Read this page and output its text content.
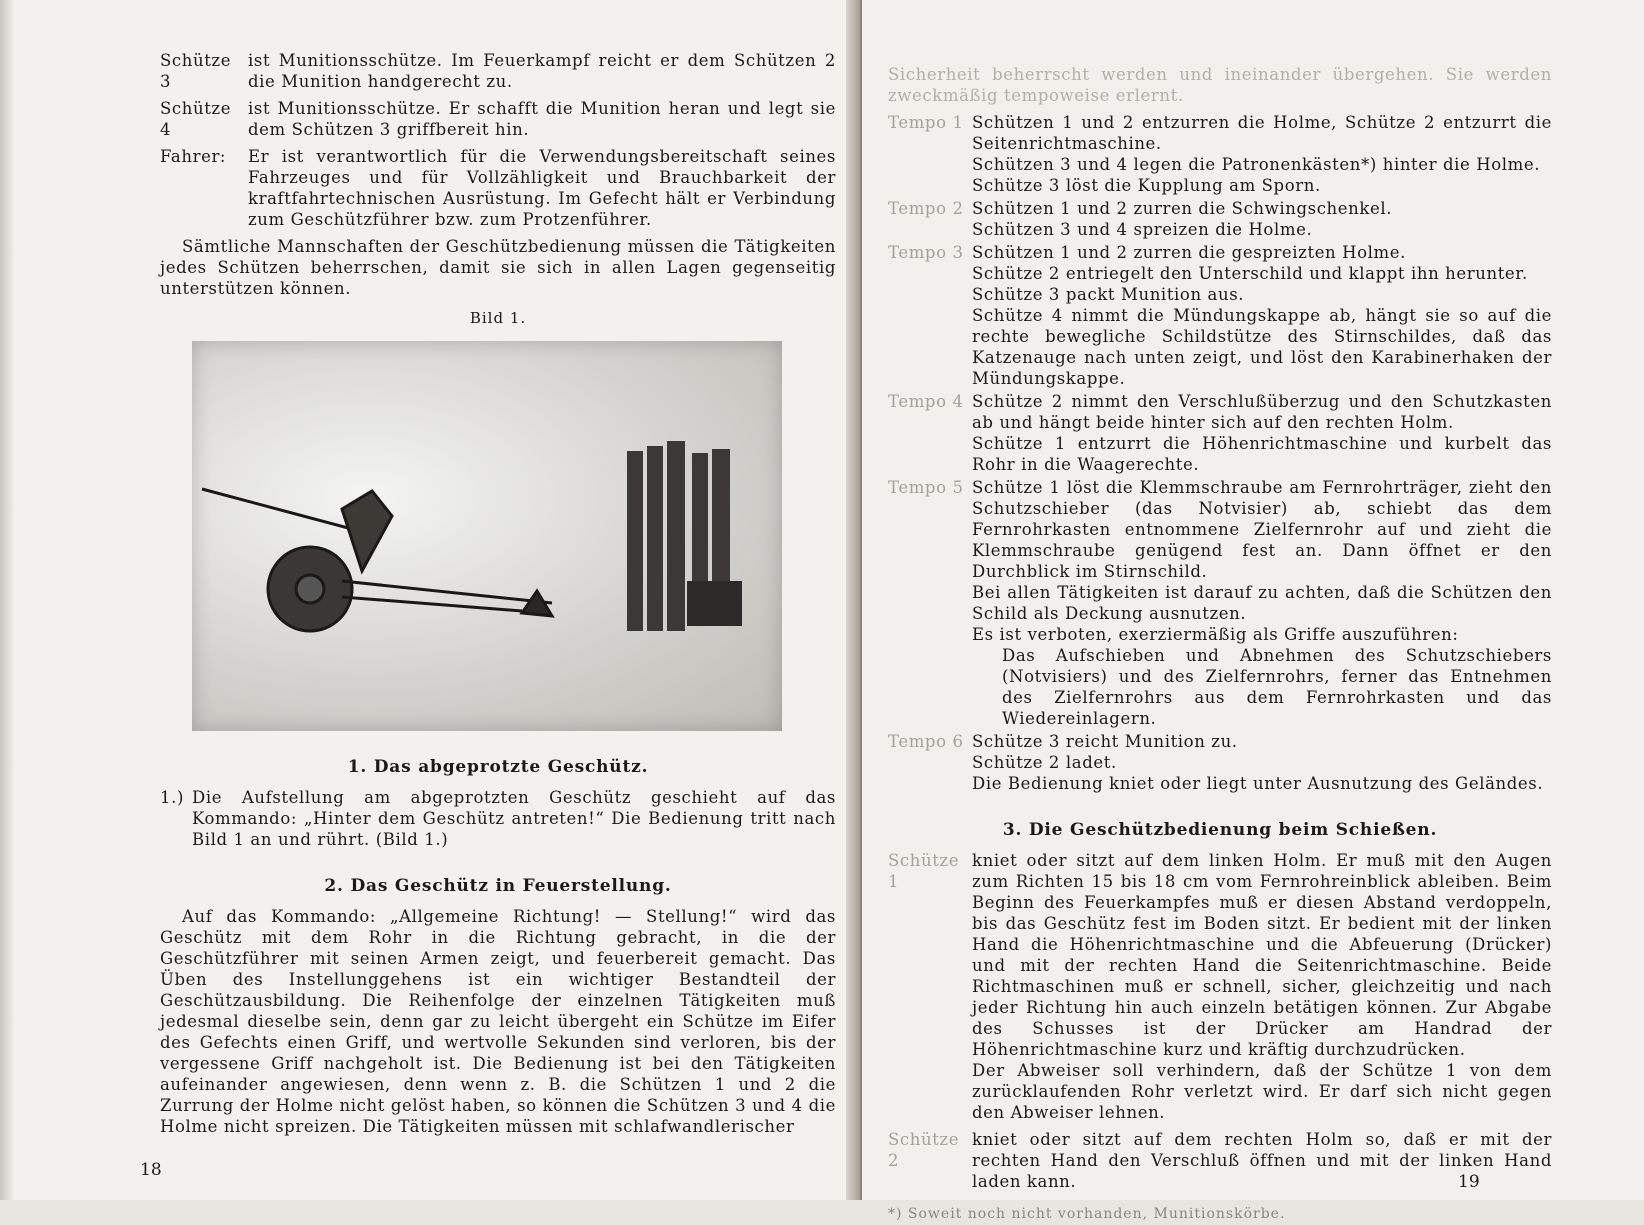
Schütze 3
ist Munitionsschütze. Im Feuerkampf reicht er dem Schützen 2 die Munition handgerecht zu.
Schütze 4
ist Munitionsschütze. Er schafft die Munition heran und legt sie dem Schützen 3 griffbereit hin.
Fahrer:	Er ist verantwortlich für die Verwendungsbereitschaft seines Fahrzeuges und für Vollzähligkeit und Brauchbarkeit der kraftfahrtechnischen Ausrüstung. Im Gefecht hält er Verbindung zum Geschützführer bzw. zum Protzenführer.

Sämtliche Mannschaften der Geschützbedienung müssen die Tätigkeiten jedes Schützen beherrschen, damit sie sich in allen Lagen gegenseitig unterstützen können.

Bild 1.
1. Das abgeprotzte Geschütz.
1.) Die Aufstellung am abgeprotzten Geschütz geschieht auf das Kommando: „Hinter dem Geschütz antreten!“ Die Bedienung tritt nach Bild 1 an und rührt. (Bild 1.)
2. Das Geschütz in Feuerstellung.

Auf das Kommando: „Allgemeine Richtung! — Stellung!“ wird das Geschütz mit dem Rohr in die Richtung gebracht, in die der Geschützführer mit seinen Armen zeigt, und feuerbereit gemacht. Das Üben des Instellunggehens ist ein wichtiger Bestandteil der Geschützausbildung. Die Reihenfolge der einzelnen Tätigkeiten muß jedesmal dieselbe sein, denn gar zu leicht übergeht ein Schütze im Eifer des Gefechts einen Griff, und wertvolle Sekunden sind verloren, bis der vergessene Griff nachgeholt ist. Die Bedienung ist bei den Tätigkeiten aufeinander angewiesen, denn wenn z. B. die Schützen 1 und 2 die Zurrung der Holme nicht gelöst haben, so können die Schützen 3 und 4 die Holme nicht spreizen. Die Tätigkeiten müssen mit schlafwandlerischer

18

Sicherheit beherrscht werden und ineinander übergehen. Sie werden zweckmäßig tempoweise erlernt.

Tempo 1 Schützen 1 und 2 entzurren die Holme, Schütze 2 entzurrt die Seitenrichtmaschine.
Schützen 3 und 4 legen die Patronenkästen*) hinter die Holme.
Schütze 3 löst die Kupplung am Sporn.
Tempo 2 Schützen 1 und 2 zurren die Schwingschenkel.
Schützen 3 und 4 spreizen die Holme.
Tempo 3 Schützen 1 und 2 zurren die gespreizten Holme.
Schütze 2 entriegelt den Unterschild und klappt ihn herunter.
Schütze 3 packt Munition aus.
Schütze 4 nimmt die Mündungskappe ab, hängt sie so auf die rechte bewegliche Schildstütze des Stirnschildes, daß das Katzenauge nach unten zeigt, und löst den Karabinerhaken der Mündungskappe.
Tempo 4 Schütze 2 nimmt den Verschlußüberzug und den Schutzkasten ab und hängt beide hinter sich auf den rechten Holm.
Schütze 1 entzurrt die Höhenrichtmaschine und kurbelt das Rohr in die Waagerechte.
Tempo 5 Schütze 1 löst die Klemmschraube am Fernrohrträger, zieht den Schutzschieber (das Notvisier) ab, schiebt das dem Fernrohrkasten entnommene Zielfernrohr auf und zieht die Klemmschraube genügend fest an. Dann öffnet er den Durchblick im Stirnschild.
Bei allen Tätigkeiten ist darauf zu achten, daß die Schützen den Schild als Deckung ausnutzen.
Es ist verboten, exerziermäßig als Griffe auszuführen:
Das Aufschieben und Abnehmen des Schutzschiebers (Notvisiers) und des Zielfernrohrs, ferner das Entnehmen des Zielfernrohrs aus dem Fernrohrkasten und das Wiedereinlagern.
Tempo 6 Schütze 3 reicht Munition zu.
Schütze 2 ladet.
Die Bedienung kniet oder liegt unter Ausnutzung des Geländes.
3. Die Geschützbedienung beim Schießen.
Schütze 1
kniet oder sitzt auf dem linken Holm. Er muß mit den Augen zum Richten 15 bis 18 cm vom Fernrohreinblick ableiben. Beim Beginn des Feuerkampfes muß er diesen Abstand verdoppeln, bis das Geschütz fest im Boden sitzt. Er bedient mit der linken Hand die Höhenrichtmaschine und die Abfeuerung (Drücker) und mit der rechten Hand die Seitenrichtmaschine. Beide Richtmaschinen muß er schnell, sicher, gleichzeitig und nach jeder Richtung hin auch einzeln betätigen können. Zur Abgabe des Schusses ist der Drücker am Handrad der Höhenrichtmaschine kurz und kräftig durchzudrücken.
Der Abweiser soll verhindern, daß der Schütze 1 von dem zurücklaufenden Rohr verletzt wird. Er darf sich nicht gegen den Abweiser lehnen.
Schütze 2
kniet oder sitzt auf dem rechten Holm so, daß er mit der rechten Hand den Verschluß öffnen und mit der linken Hand laden kann.
*) Soweit noch nicht vorhanden, Munitionskörbe.
19
